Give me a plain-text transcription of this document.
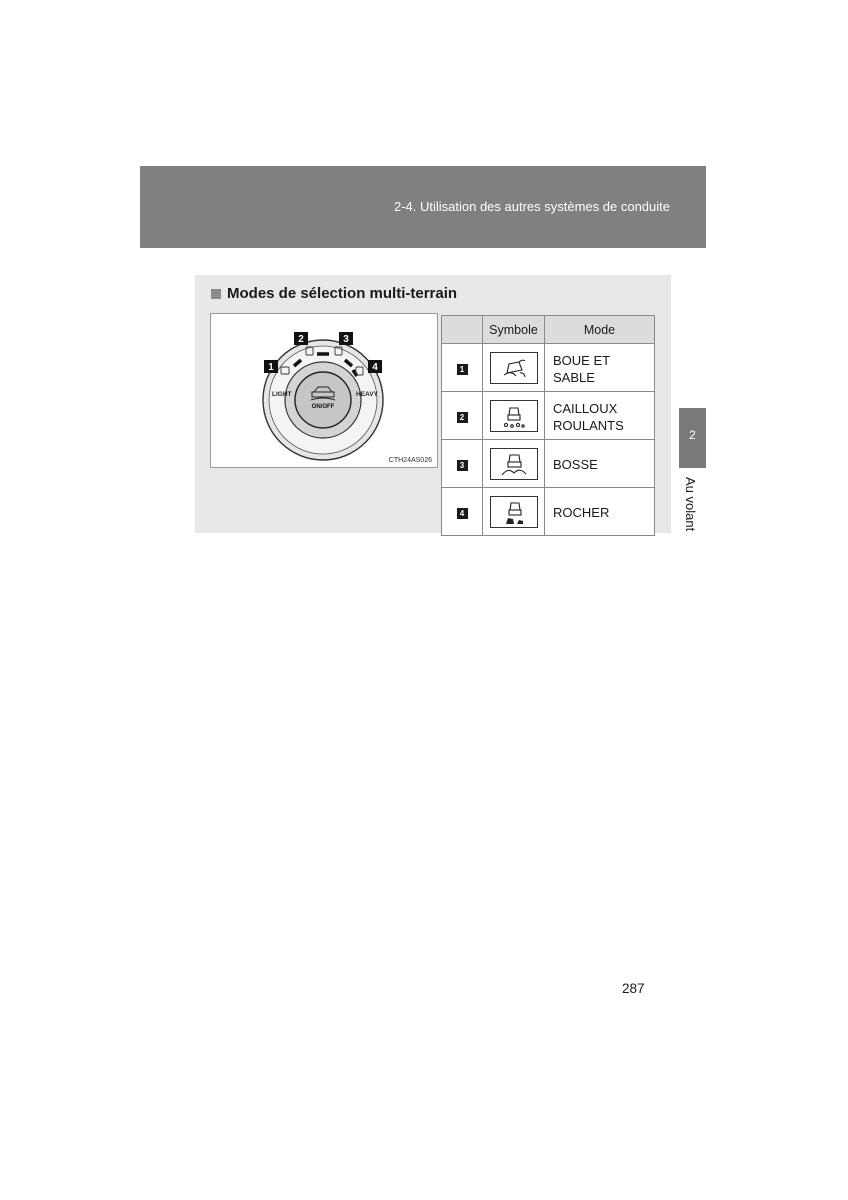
2-4. Utilisation des autres systèmes de conduite
2
Au volant
Modes de sélection multi-terrain
1
2	3
4
LIGHT	HEAVY
ON/OFF
CTH24AS026
	Symbole	Mode
1		BOUE ET
SABLE
2		CAILLOUX
ROULANTS
3		BOSSE
4		ROCHER
287
